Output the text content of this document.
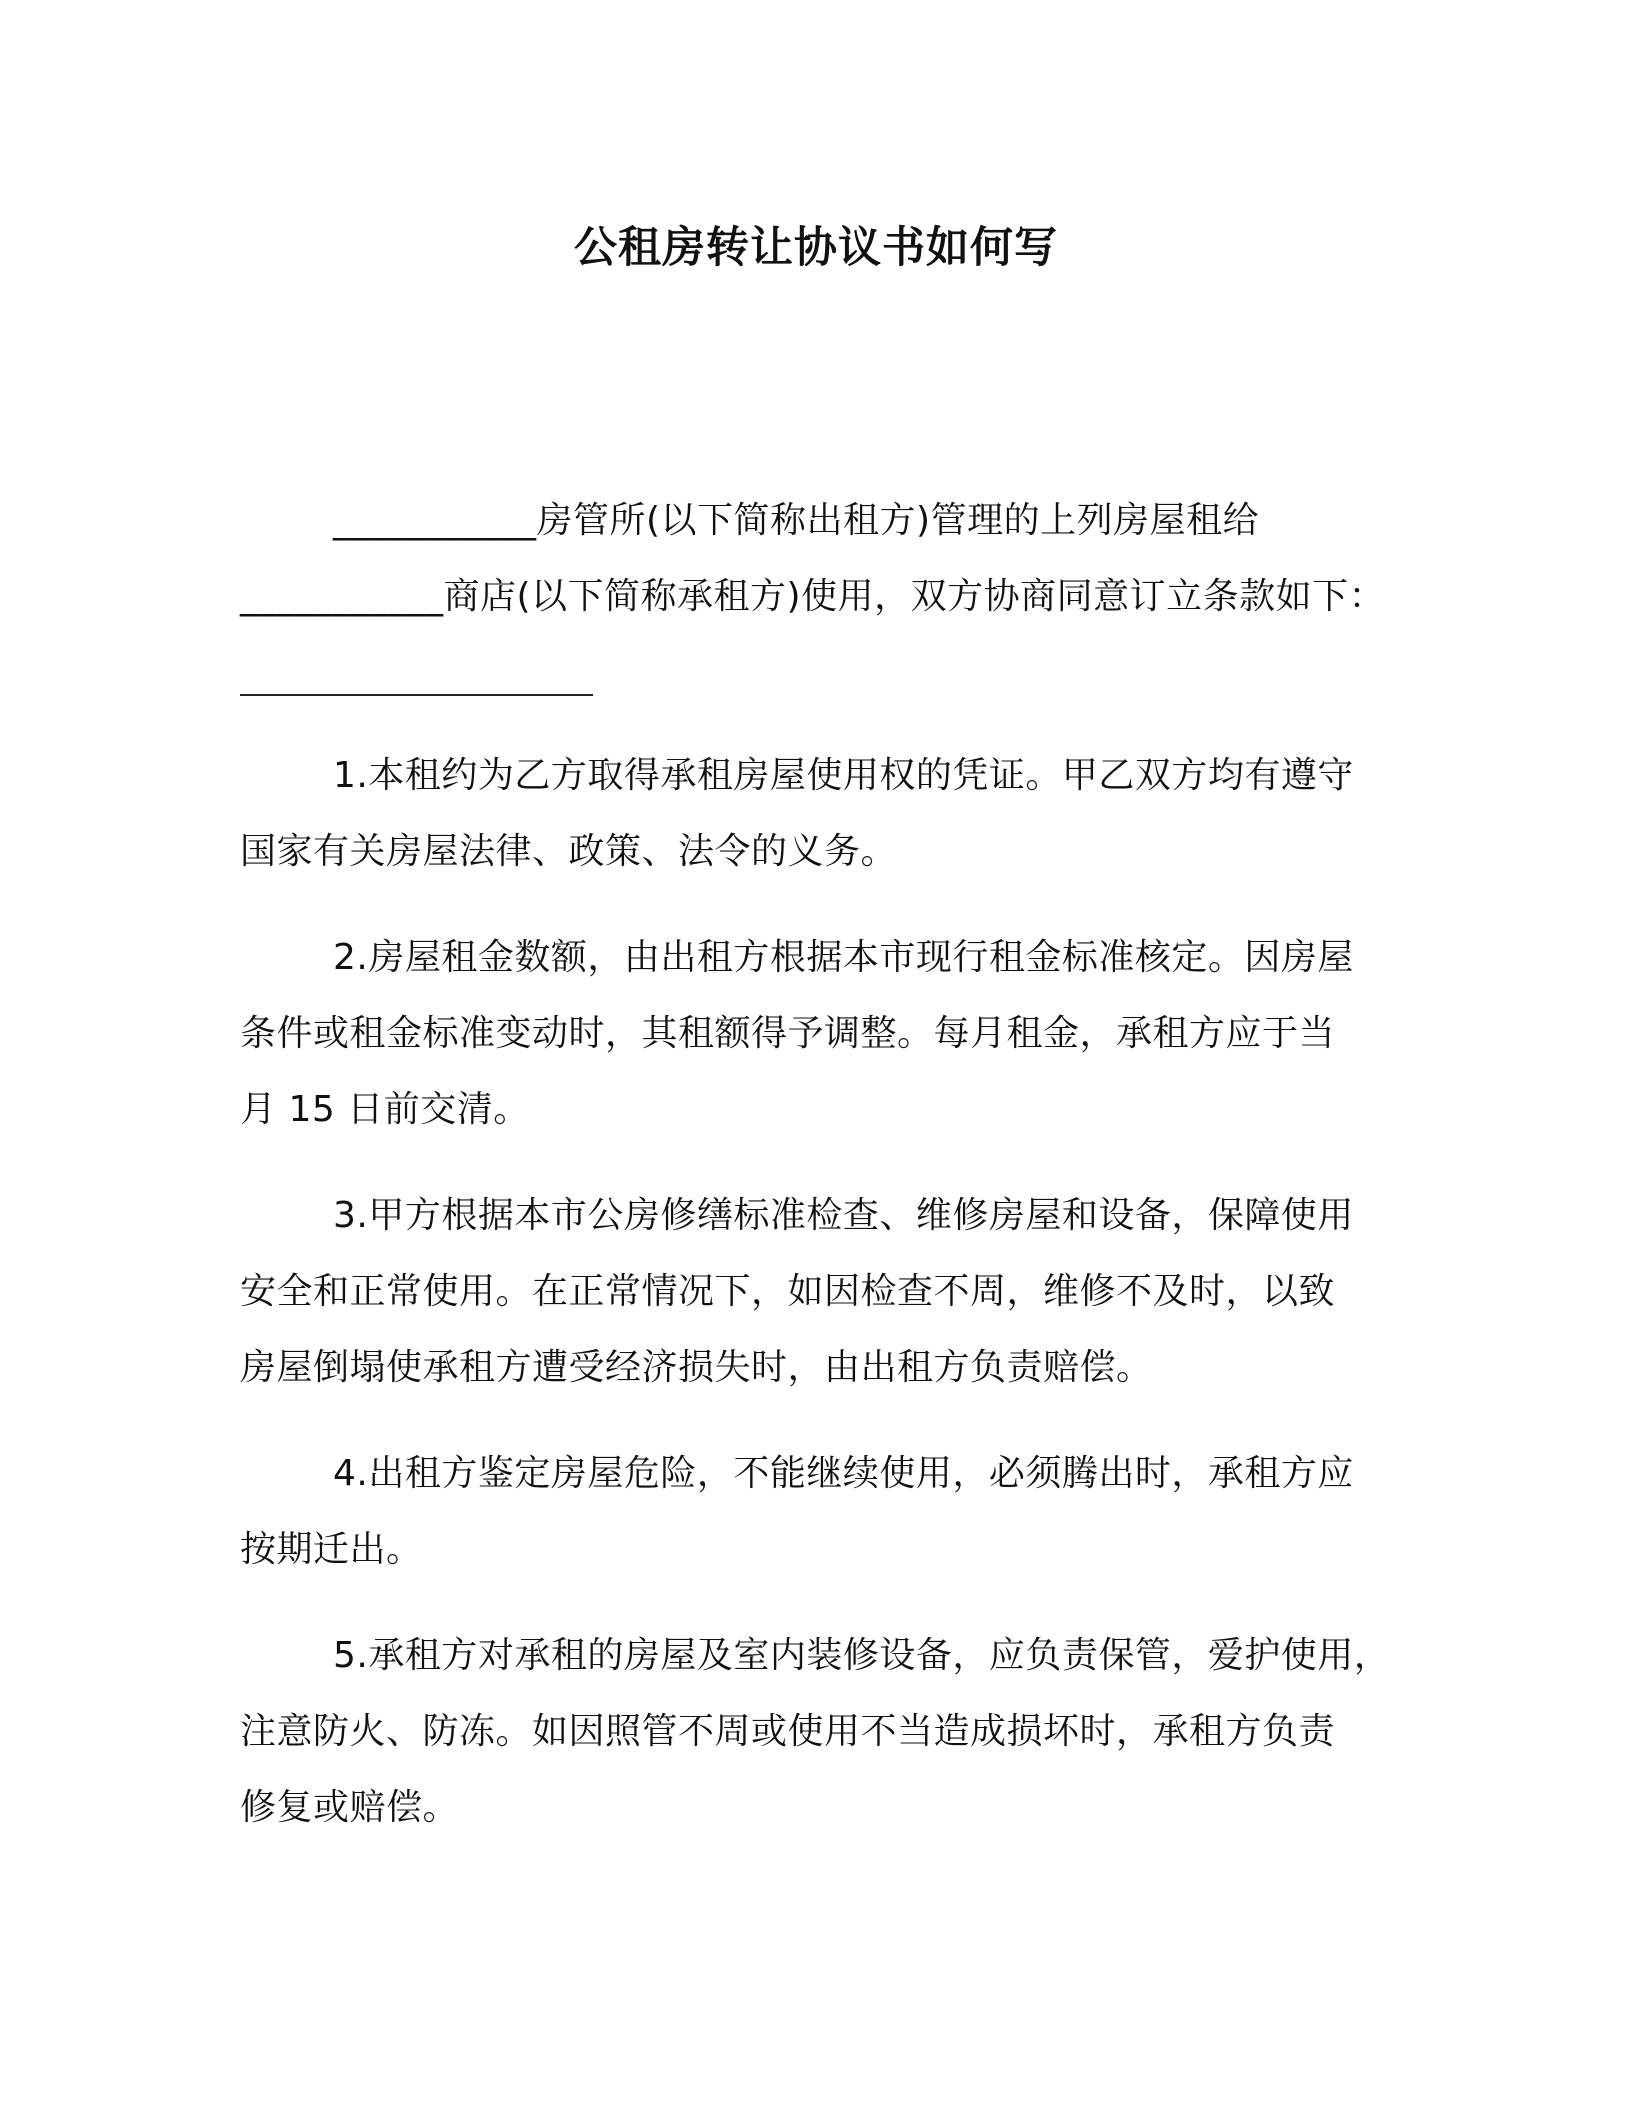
公租房转让协议书如何写

___________房管所(以下简称出租方)管理的上列房屋租给

___________商店(以下简称承租方)使用，双方协商同意订立条款如下：

1.本租约为乙方取得承租房屋使用权的凭证。甲乙双方均有遵守

国家有关房屋法律、政策、法令的义务。

2.房屋租金数额，由出租方根据本市现行租金标准核定。因房屋

条件或租金标准变动时，其租额得予调整。每月租金，承租方应于当

月 15 日前交清。

3.甲方根据本市公房修缮标准检查、维修房屋和设备，保障使用

安全和正常使用。在正常情况下，如因检查不周，维修不及时，以致

房屋倒塌使承租方遭受经济损失时，由出租方负责赔偿。

4.出租方鉴定房屋危险，不能继续使用，必须腾出时，承租方应

按期迁出。

5.承租方对承租的房屋及室内装修设备，应负责保管，爱护使用，

注意防火、防冻。如因照管不周或使用不当造成损坏时，承租方负责

修复或赔偿。
